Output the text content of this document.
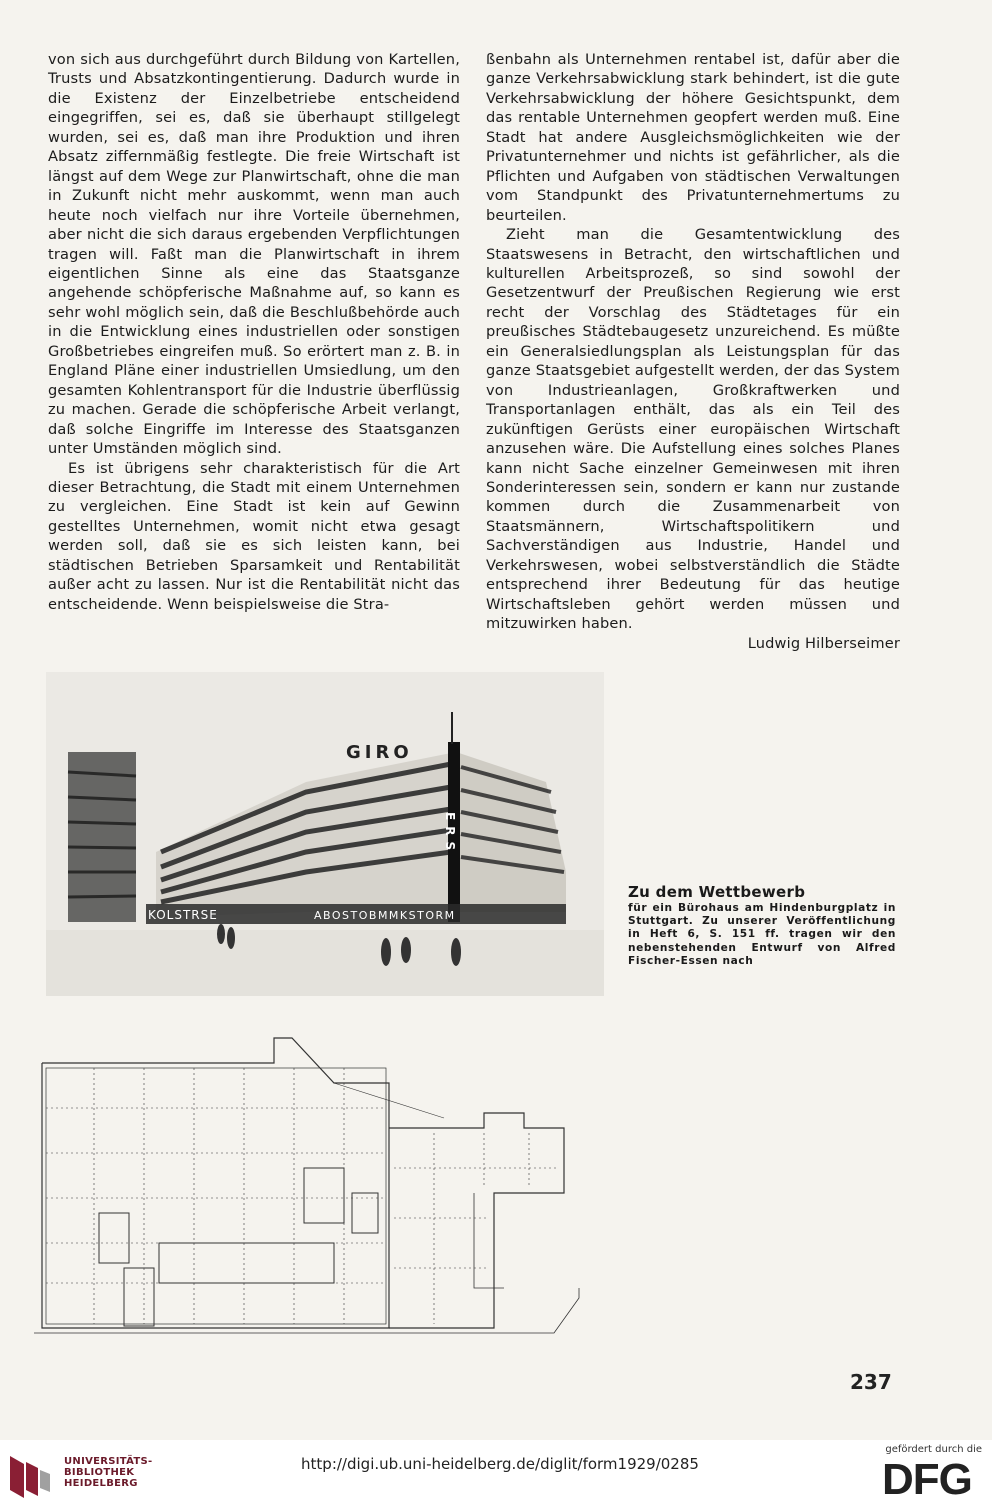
von sich aus durchgeführt durch Bildung von Kartellen, Trusts und Absatzkontingentierung. Dadurch wurde in die Existenz der Einzelbetriebe entscheidend eingegriffen, sei es, daß sie überhaupt stillgelegt wurden, sei es, daß man ihre Produktion und ihren Absatz ziffernmäßig festlegte. Die freie Wirtschaft ist längst auf dem Wege zur Planwirtschaft, ohne die man in Zukunft nicht mehr auskommt, wenn man auch heute noch vielfach nur ihre Vorteile übernehmen, aber nicht die sich daraus ergebenden Verpflichtungen tragen will. Faßt man die Planwirtschaft in ihrem eigentlichen Sinne als eine das Staatsganze angehende schöpferische Maßnahme auf, so kann es sehr wohl möglich sein, daß die Beschlußbehörde auch in die Entwicklung eines industriellen oder sonstigen Großbetriebes eingreifen muß. So erörtert man z. B. in England Pläne einer industriellen Umsiedlung, um den gesamten Kohlentransport für die Industrie überflüssig zu machen. Gerade die schöpferische Arbeit verlangt, daß solche Eingriffe im Interesse des Staatsganzen unter Umständen möglich sind.

Es ist übrigens sehr charakteristisch für die Art dieser Betrachtung, die Stadt mit einem Unternehmen zu vergleichen. Eine Stadt ist kein auf Gewinn gestelltes Unternehmen, womit nicht etwa gesagt werden soll, daß sie es sich leisten kann, bei städtischen Betrieben Sparsamkeit und Rentabilität außer acht zu lassen. Nur ist die Rentabilität nicht das entscheidende. Wenn beispielsweise die Stra-

ßenbahn als Unternehmen rentabel ist, dafür aber die ganze Verkehrsabwicklung stark behindert, ist die gute Verkehrsabwicklung der höhere Gesichtspunkt, dem das rentable Unternehmen geopfert werden muß. Eine Stadt hat andere Ausgleichsmöglichkeiten wie der Privatunternehmer und nichts ist gefährlicher, als die Pflichten und Aufgaben von städtischen Verwaltungen vom Standpunkt des Privatunternehmertums zu beurteilen.

Zieht man die Gesamtentwicklung des Staatswesens in Betracht, den wirtschaftlichen und kulturellen Arbeitsprozeß, so sind sowohl der Gesetzentwurf der Preußischen Regierung wie erst recht der Vorschlag des Städtetages für ein preußisches Städtebaugesetz unzureichend. Es müßte ein Generalsiedlungsplan als Leistungsplan für das ganze Staatsgebiet aufgestellt werden, der das System von Industrieanlagen, Großkraftwerken und Transportanlagen enthält, das als ein Teil des zukünftigen Gerüsts einer europäischen Wirtschaft anzusehen wäre. Die Aufstellung eines solches Planes kann nicht Sache einzelner Gemeinwesen mit ihren Sonderinteressen sein, sondern er kann nur zustande kommen durch die Zusammenarbeit von Staatsmännern, Wirtschaftspolitikern und Sachverständigen aus Industrie, Handel und Verkehrswesen, wobei selbstverständlich die Städte entsprechend ihrer Bedeutung für das heutige Wirtschaftsleben gehört werden müssen und mitzuwirken haben.

Ludwig Hilberseimer

GIRO
ERS
KOLSTRSE	ABOSTOBMMKSTORM
Zu dem Wettbewerb
für ein Bürohaus am Hindenburgplatz in Stuttgart. Zu unserer Veröffentlichung in Heft 6, S. 151 ff. tragen wir den nebenstehenden Entwurf von Alfred Fischer-Essen nach
237
UNIVERSITÄTS-
BIBLIOTHEK
HEIDELBERG
http://digi.ub.uni-heidelberg.de/diglit/form1929/0285
gefördert durch die
DFG
